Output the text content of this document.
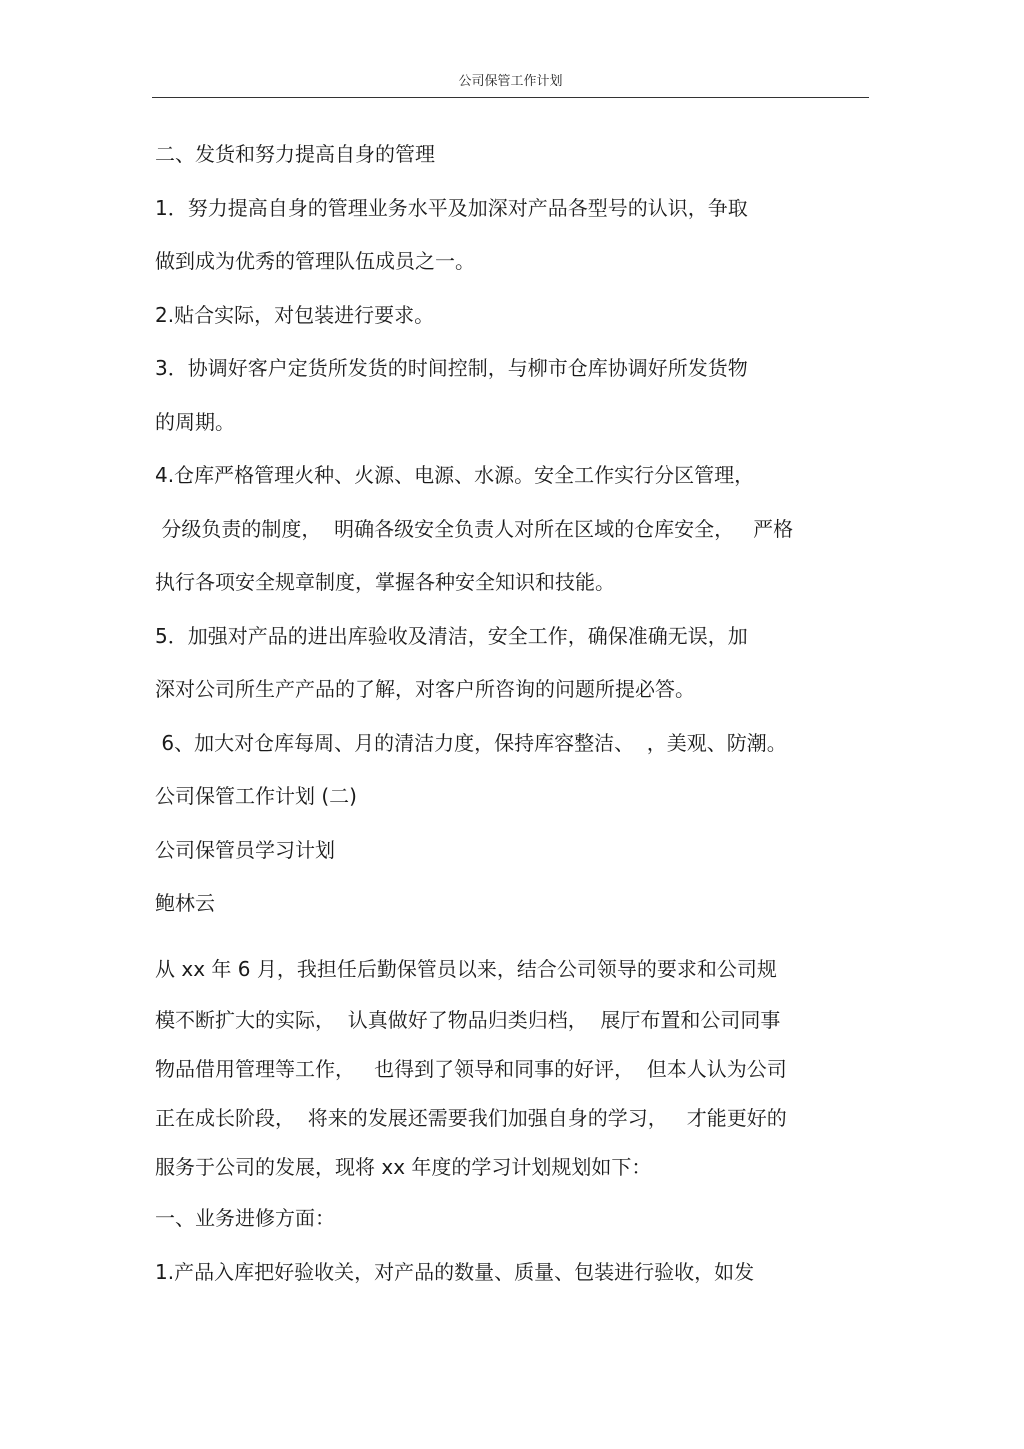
公司保管工作计划
二、发货和努力提高自身的管理
1．努力提高自身的管理业务水平及加深对产品各型号的认识，争取
做到成为优秀的管理队伍成员之一。
2.贴合实际，对包装进行要求。
3．协调好客户定货所发货的时间控制，与柳市仓库协调好所发货物
的周期。
4.仓库严格管理火种、火源、电源、水源。安全工作实行分区管理，
分级负责的制度，  明确各级安全负责人对所在区域的仓库安全，   严格
执行各项安全规章制度，掌握各种安全知识和技能。
5．加强对产品的进出库验收及清洁，安全工作，确保准确无误，加
深对公司所生产产品的了解，对客户所咨询的问题所提必答。
6、加大对仓库每周、月的清洁力度，保持库容整洁、  ，美观、防潮。
公司保管工作计划 (二)
公司保管员学习计划
鲍林云
从 xx 年 6 月，我担任后勤保管员以来，结合公司领导的要求和公司规
模不断扩大的实际，  认真做好了物品归类归档，  展厅布置和公司同事
物品借用管理等工作，   也得到了领导和同事的好评，  但本人认为公司
正在成长阶段，  将来的发展还需要我们加强自身的学习，   才能更好的
服务于公司的发展，现将 xx 年度的学习计划规划如下：
一、业务进修方面：
1.产品入库把好验收关，对产品的数量、质量、包装进行验收，如发
